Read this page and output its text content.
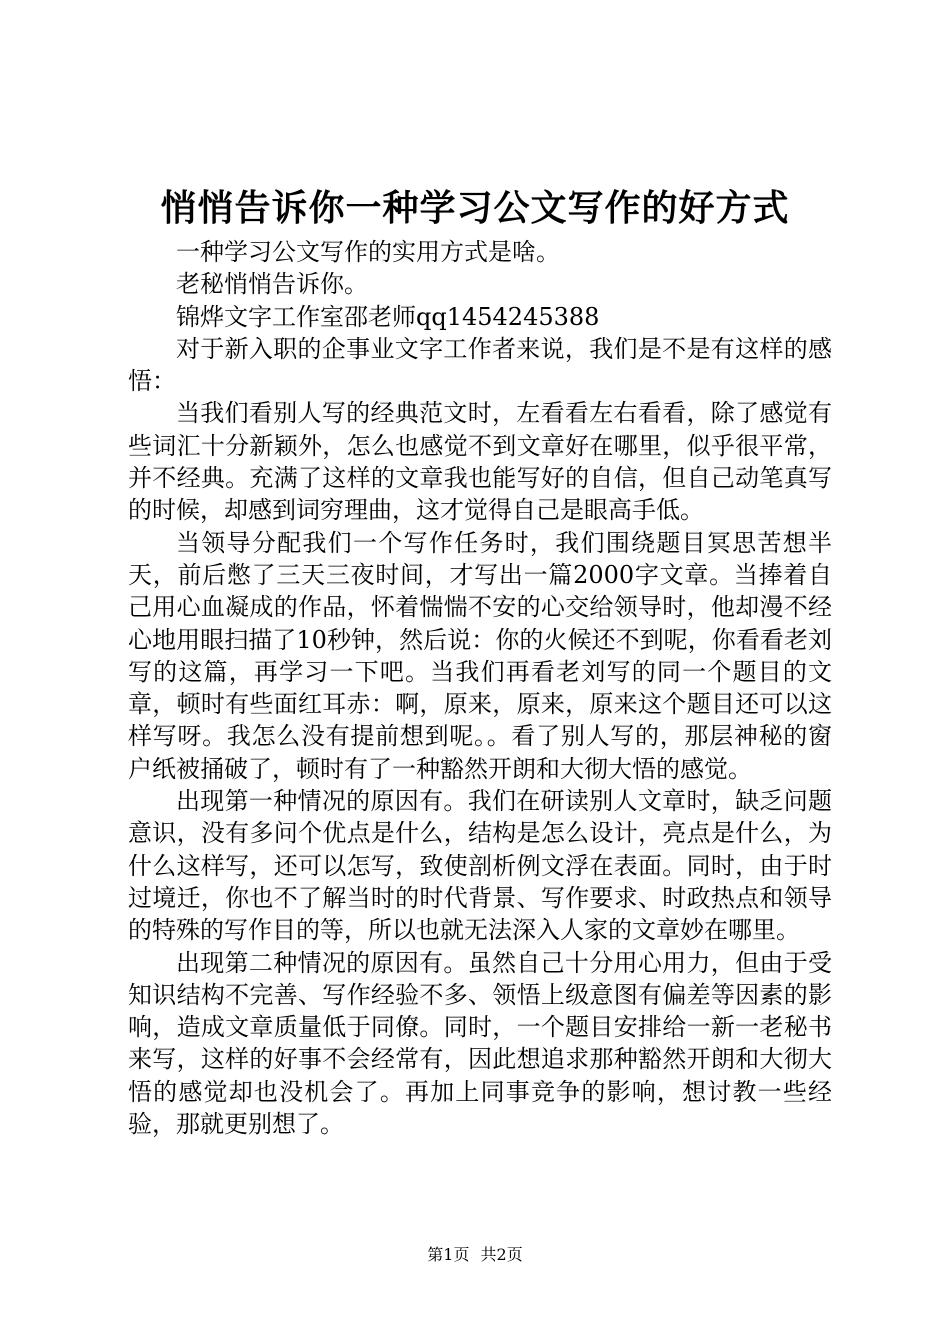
悄悄告诉你一种学习公文写作的好方式

一种学习公文写作的实用方式是啥。

老秘悄悄告诉你。

锦烨文字工作室邵老师qq1454245388

对于新入职的企事业文字工作者来说，我们是不是有这样的感悟：

当我们看别人写的经典范文时，左看看左右看看，除了感觉有些词汇十分新颖外，怎么也感觉不到文章好在哪里，似乎很平常，并不经典。充满了这样的文章我也能写好的自信，但自己动笔真写的时候，却感到词穷理曲，这才觉得自己是眼高手低。

当领导分配我们一个写作任务时，我们围绕题目冥思苦想半天，前后憋了三天三夜时间，才写出一篇2000字文章。当捧着自己用心血凝成的作品，怀着惴惴不安的心交给领导时，他却漫不经心地用眼扫描了10秒钟，然后说：你的火候还不到呢，你看看老刘写的这篇，再学习一下吧。当我们再看老刘写的同一个题目的文章，顿时有些面红耳赤：啊，原来，原来，原来这个题目还可以这样写呀。我怎么没有提前想到呢。。看了别人写的，那层神秘的窗户纸被捅破了，顿时有了一种豁然开朗和大彻大悟的感觉。

出现第一种情况的原因有。我们在研读别人文章时，缺乏问题意识，没有多问个优点是什么，结构是怎么设计，亮点是什么，为什么这样写，还可以怎写，致使剖析例文浮在表面。同时，由于时过境迁，你也不了解当时的时代背景、写作要求、时政热点和领导的特殊的写作目的等，所以也就无法深入人家的文章妙在哪里。

出现第二种情况的原因有。虽然自己十分用心用力，但由于受知识结构不完善、写作经验不多、领悟上级意图有偏差等因素的影响，造成文章质量低于同僚。同时，一个题目安排给一新一老秘书来写，这样的好事不会经常有，因此想追求那种豁然开朗和大彻大悟的感觉却也没机会了。再加上同事竞争的影响，想讨教一些经验，那就更别想了。

第1页 共2页
